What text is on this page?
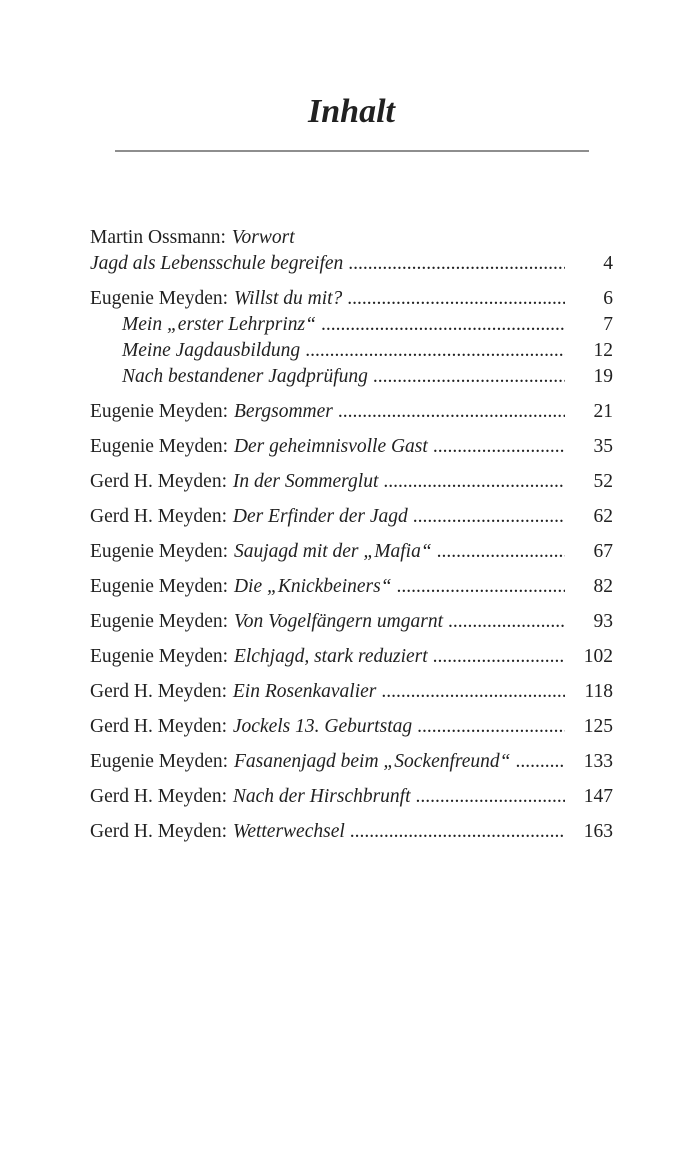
Inhalt
Martin Ossmann: Vorwort
Jagd als Lebensschule begreifen .....	4
Eugenie Meyden: Willst du mit? .....	6
Mein „erster Lehrprinz“ .....	7
Meine Jagdausbildung .....	12
Nach bestandener Jagdprüfung .....	19
Eugenie Meyden: Bergsommer .....	21
Eugenie Meyden: Der geheimnisvolle Gast .....	35
Gerd H. Meyden: In der Sommerglut .....	52
Gerd H. Meyden: Der Erfinder der Jagd .....	62
Eugenie Meyden: Saujagd mit der „Mafia“ .....	67
Eugenie Meyden: Die „Knickbeiners“ .....	82
Eugenie Meyden: Von Vogelfängern umgarnt .....	93
Eugenie Meyden: Elchjagd, stark reduziert .....	102
Gerd H. Meyden: Ein Rosenkavalier .....	118
Gerd H. Meyden: Jockels 13. Geburtstag .....	125
Eugenie Meyden: Fasanenjagd beim „Sockenfreund“ .....	133
Gerd H. Meyden: Nach der Hirschbrunft .....	147
Gerd H. Meyden: Wetterwechsel .....	163
